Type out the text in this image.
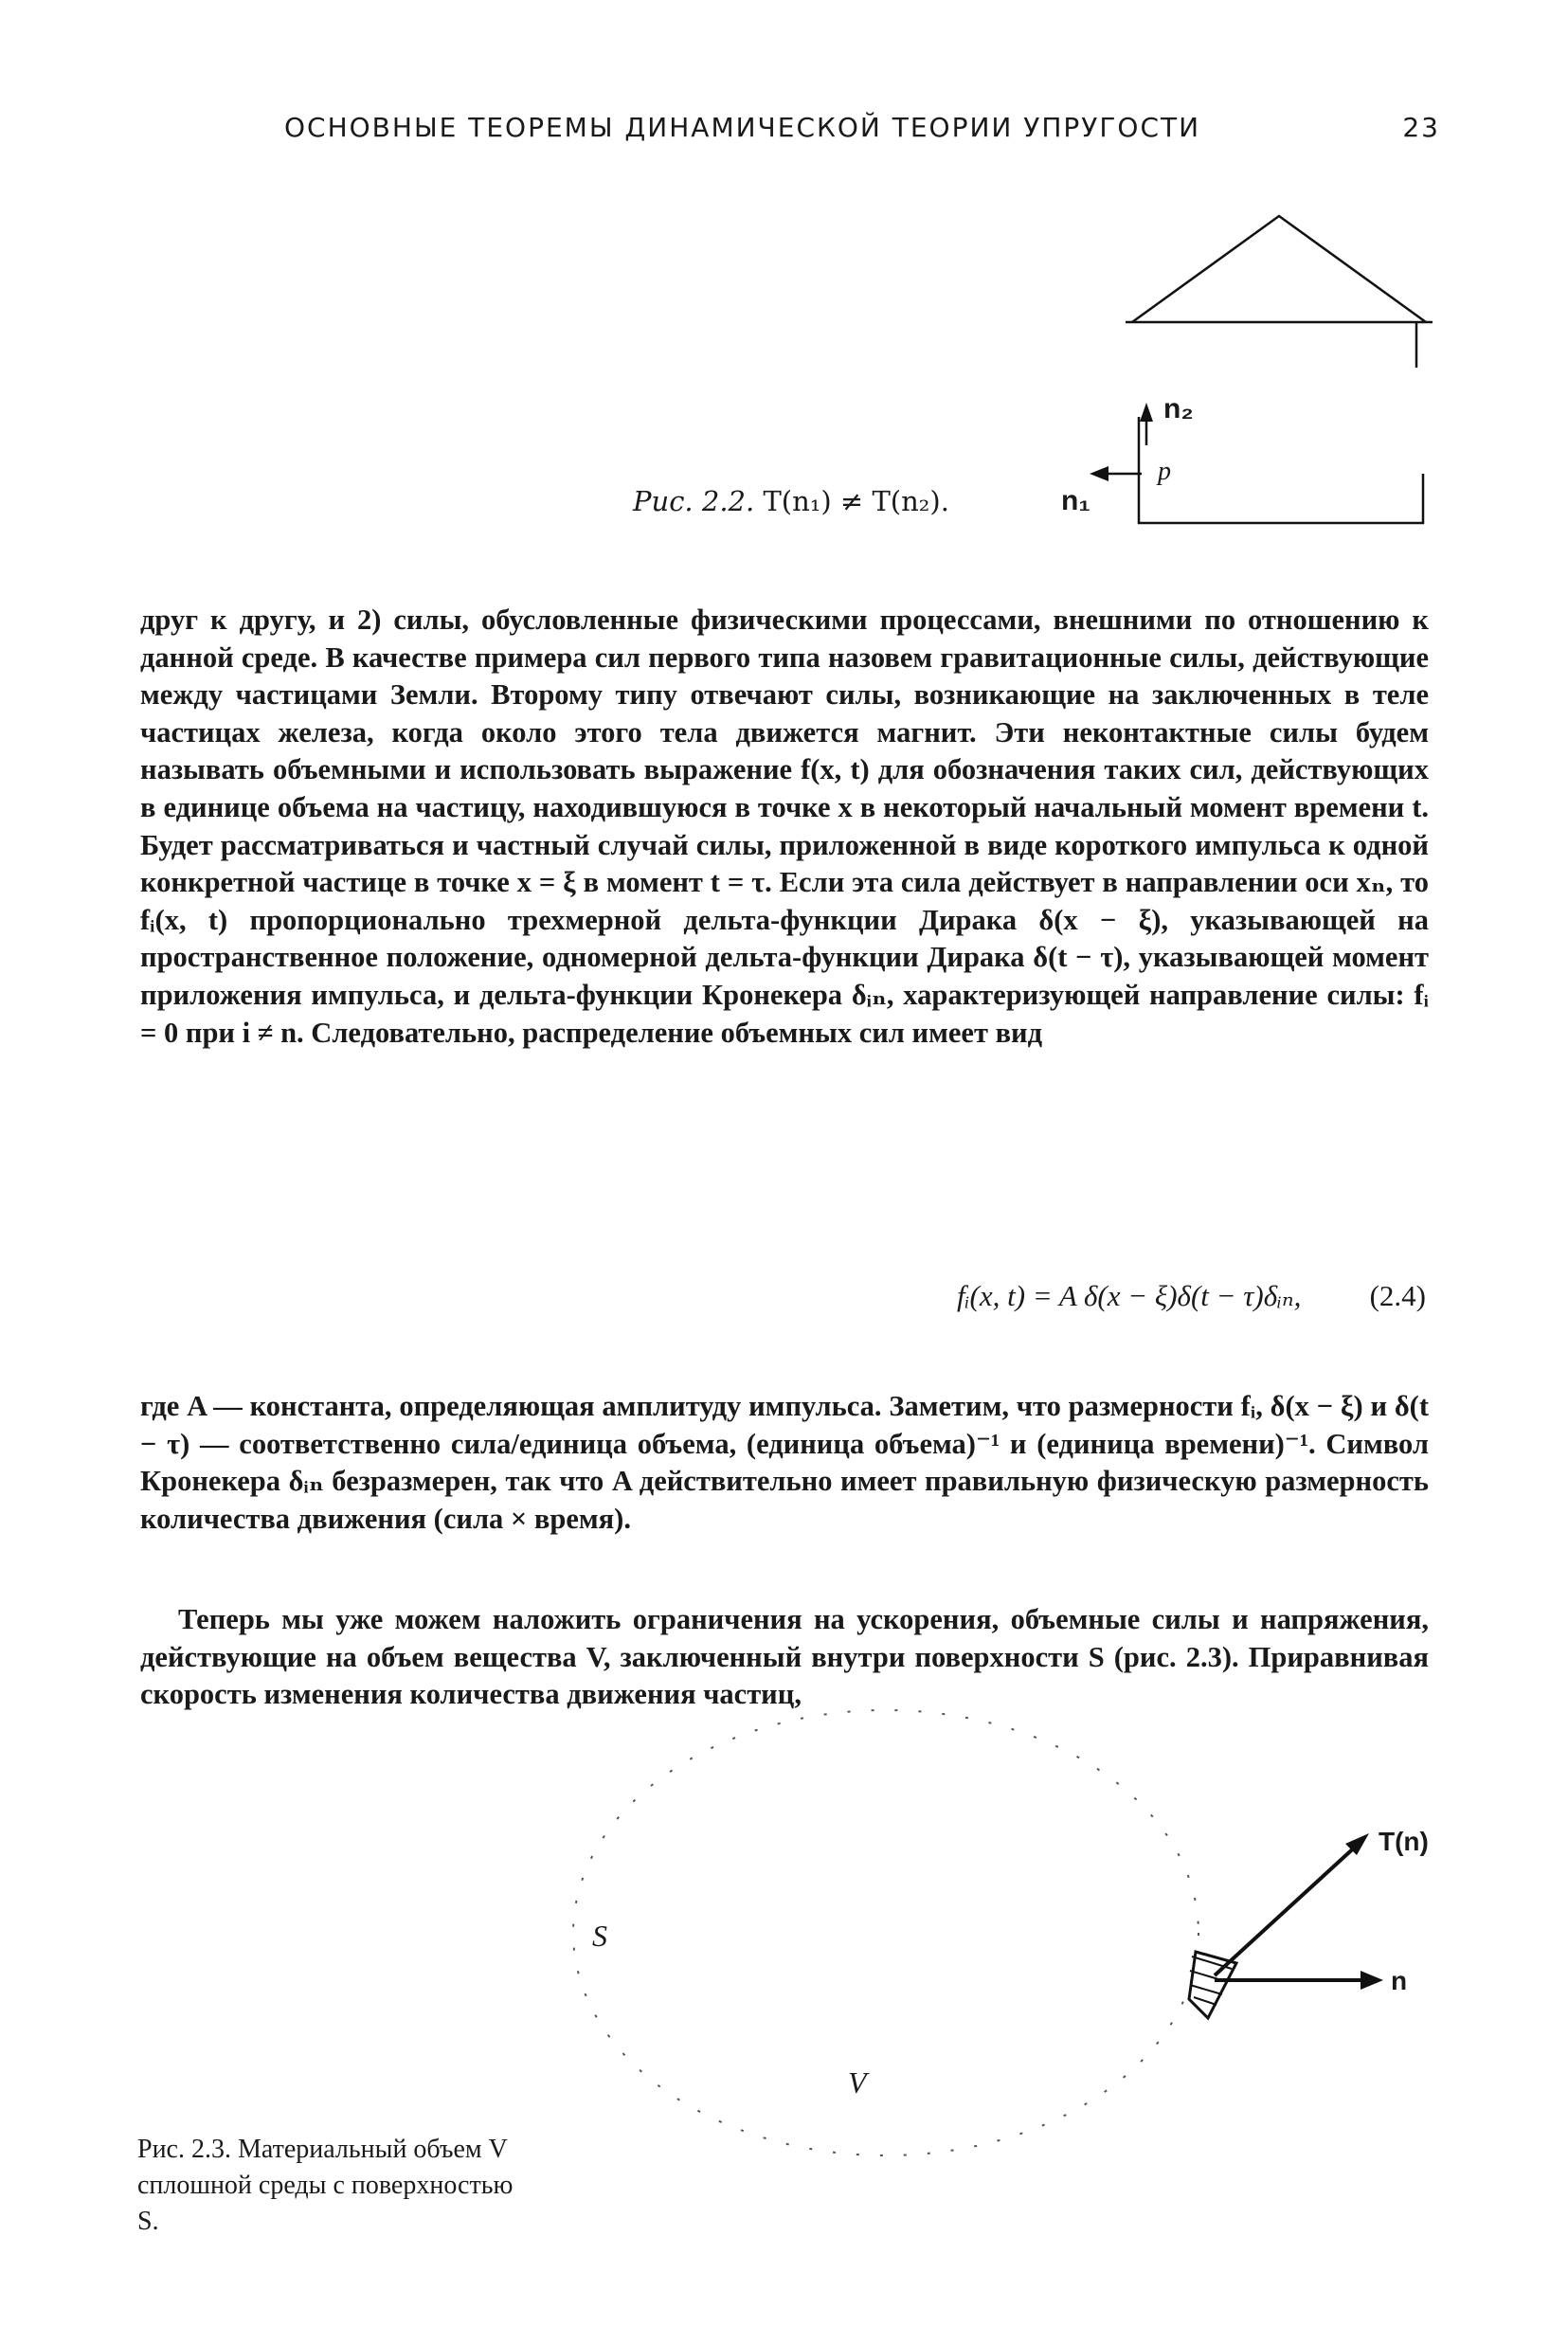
ОСНОВНЫЕ ТЕОРЕМЫ ДИНАМИЧЕСКОЙ ТЕОРИИ УПРУГОСТИ	23
n₂
p
n₁
Рис. 2.2. T(n₁) ≠ T(n₂).

друг к другу, и 2) силы, обусловленные физическими процессами, внешними по отношению к данной среде. В качестве примера сил первого типа назовем гравитационные силы, действующие между частицами Земли. Второму типу отвечают силы, возникающие на заключенных в теле частицах железа, когда около этого тела движется магнит. Эти неконтактные силы будем называть объемными и использовать выражение f(x, t) для обозначения таких сил, действующих в единице объема на частицу, находившуюся в точке x в некоторый начальный момент времени t. Будет рассматриваться и частный случай силы, приложенной в виде короткого импульса к одной конкретной частице в точке x = ξ в момент t = τ. Если эта сила действует в направлении оси xₙ, то fᵢ(x, t) пропорционально трехмерной дельта-функции Дирака δ(x − ξ), указывающей на пространственное положение, одномерной дельта-функции Дирака δ(t − τ), указывающей момент приложения импульса, и дельта-функции Кронекера δᵢₙ, характеризующей направление силы: fᵢ = 0 при i ≠ n. Следовательно, распределение объемных сил имеет вид

fᵢ(x, t) = A δ(x − ξ)δ(t − τ)δᵢₙ, (2.4)

где A — константа, определяющая амплитуду импульса. Заметим, что размерности fᵢ, δ(x − ξ) и δ(t − τ) — соответственно сила/единица объема, (единица объема)⁻¹ и (единица времени)⁻¹. Символ Кронекера δᵢₙ безразмерен, так что A действительно имеет правильную физическую размерность количества движения (сила × время).

Теперь мы уже можем наложить ограничения на ускорения, объемные силы и напряжения, действующие на объем вещества V, заключенный внутри поверхности S (рис. 2.3). Приравнивая скорость изменения количества движения частиц,

T(n)
n
S
V
Рис. 2.3. Материальный объем V сплошной среды с поверхностью S.
